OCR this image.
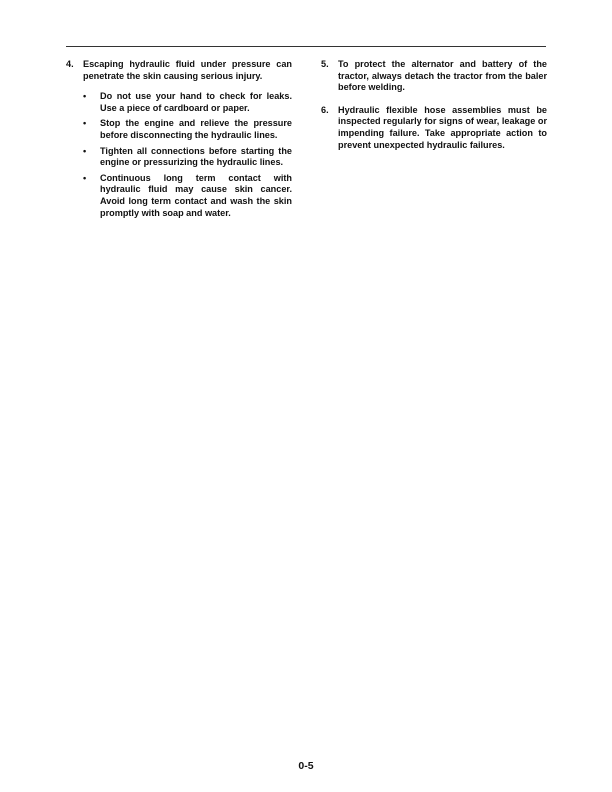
4.	Escaping hydraulic fluid under pressure can penetrate the skin causing serious injury.

•	Do not use your hand to check for leaks. Use a piece of cardboard or paper.
•	Stop the engine and relieve the pressure before disconnecting the hydraulic lines.
•	Tighten all connections before starting the engine or pressurizing the hydraulic lines.
•	Continuous long term contact with hydraulic fluid may cause skin cancer. Avoid long term contact and wash the skin promptly with soap and water.
5.	To protect the alternator and battery of the tractor, always detach the tractor from the baler before welding.

6.	Hydraulic flexible hose assemblies must be inspected regularly for signs of wear, leakage or impending failure. Take appropriate action to prevent unexpected hydraulic failures.

0-5
